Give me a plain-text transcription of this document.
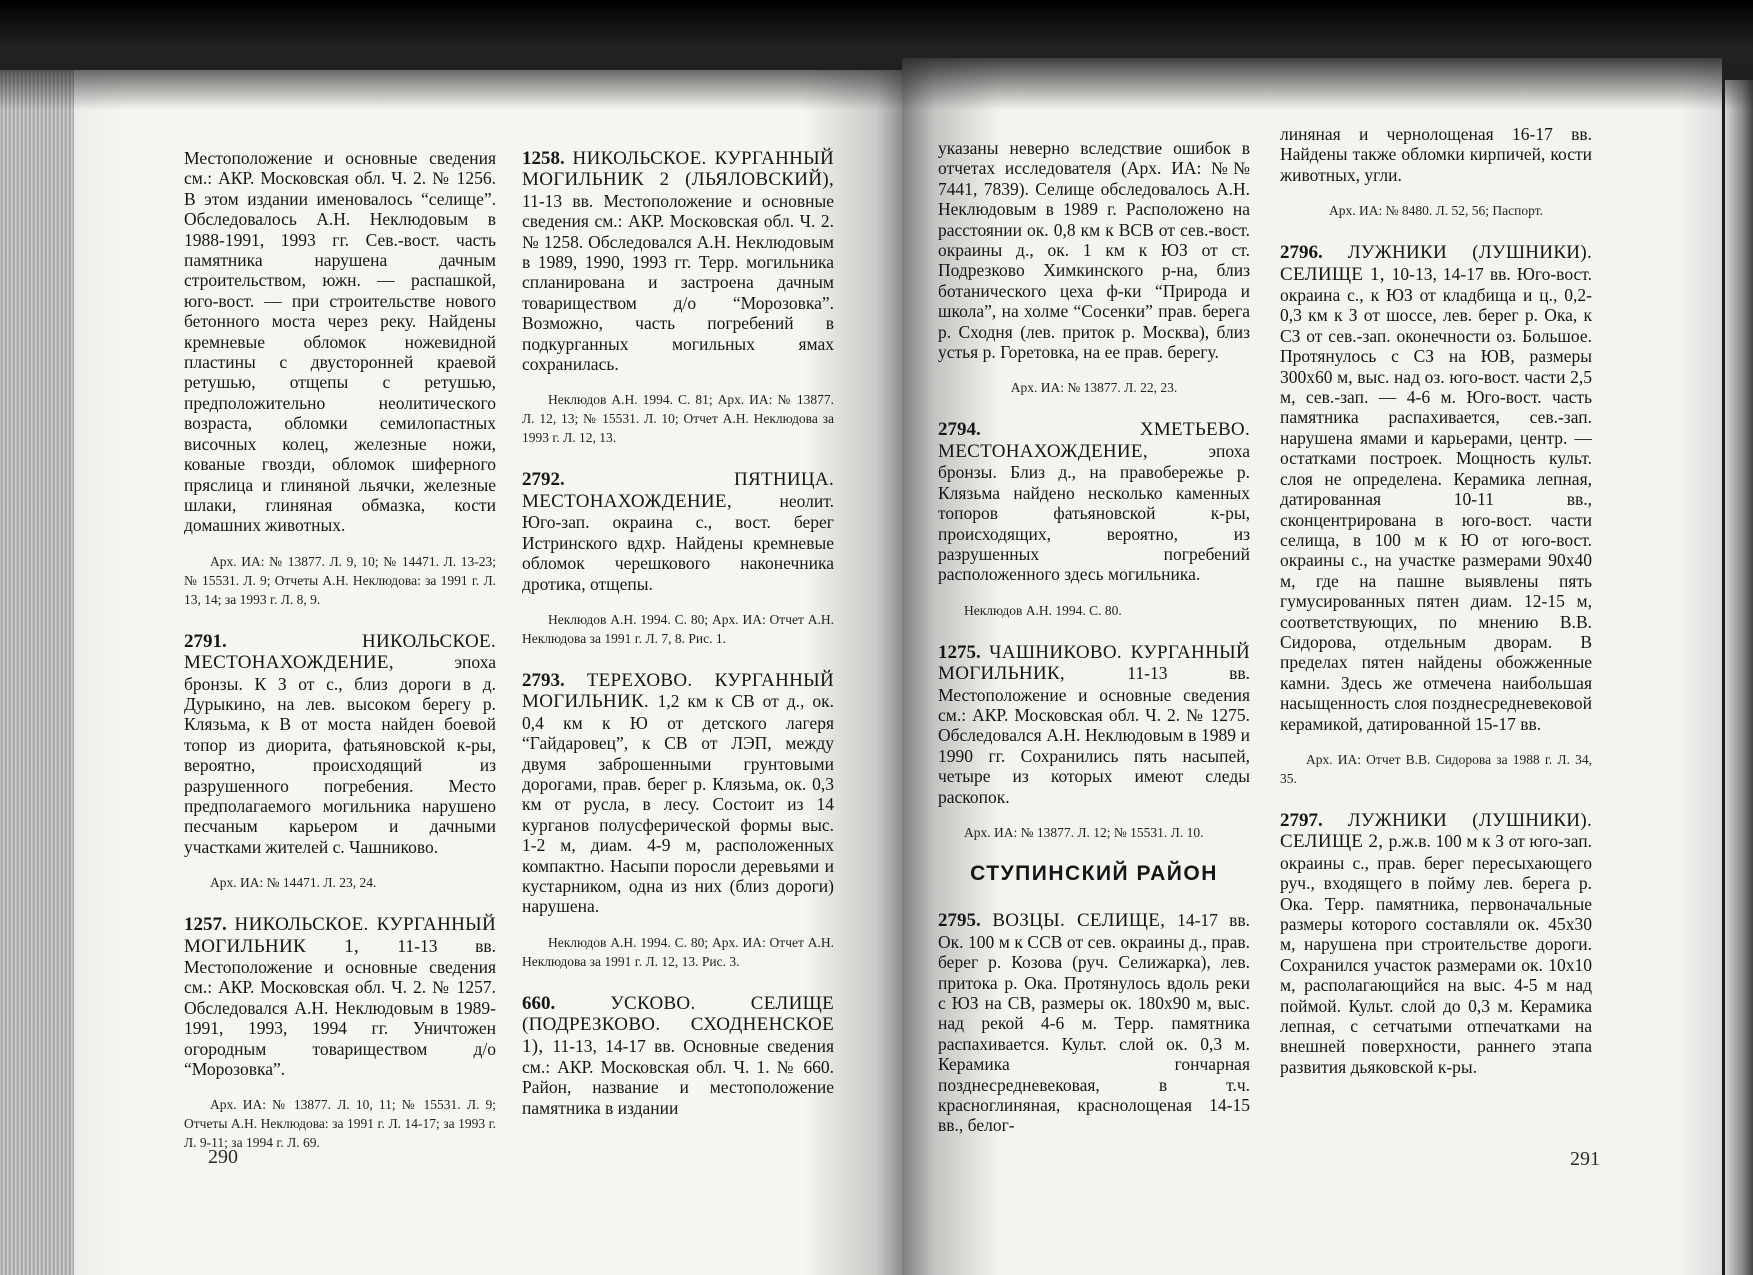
Местоположение и основные сведения см.: АКР. Московская обл. Ч. 2. № 1256. В этом издании именовалось “селище”. Обследовалось А.Н. Неклюдовым в 1988-1991, 1993 гг. Сев.-вост. часть памятника нарушена дачным строительством, южн. — распашкой, юго-вост. — при строительстве нового бетонного моста через реку. Найдены кремневые обломок ножевидной пластины с двусторонней краевой ретушью, отщепы с ретушью, предположительно неолитического возраста, обломки семилопастных височных колец, железные ножи, кованые гвозди, обломок шиферного пряслица и глиняной льячки, железные шлаки, глиняная обмазка, кости домашних животных.

Арх. ИА: № 13877. Л. 9, 10; № 14471. Л. 13-23; № 15531. Л. 9; Отчеты А.Н. Неклюдова: за 1991 г. Л. 13, 14; за 1993 г. Л. 8, 9.

2791. НИКОЛЬСКОЕ. МЕСТОНАХОЖДЕНИЕ, эпоха бронзы. К З от с., близ дороги в д. Дурыкино, на лев. высоком берегу р. Клязьма, к В от моста найден боевой топор из диорита, фатьяновской к-ры, вероятно, происходящий из разрушенного погребения. Место предполагаемого могильника нарушено песчаным карьером и дачными участками жителей с. Чашниково.

Арх. ИА: № 14471. Л. 23, 24.

1257. НИКОЛЬСКОЕ. КУРГАННЫЙ МОГИЛЬНИК 1, 11-13 вв. Местоположение и основные сведения см.: АКР. Московская обл. Ч. 2. № 1257. Обследовался А.Н. Неклюдовым в 1989-1991, 1993, 1994 гг. Уничтожен огородным товариществом д/о “Морозовка”.

Арх. ИА: № 13877. Л. 10, 11; № 15531. Л. 9; Отчеты А.Н. Неклюдова: за 1991 г. Л. 14-17; за 1993 г. Л. 9-11; за 1994 г. Л. 69.

1258. НИКОЛЬСКОЕ. КУРГАННЫЙ МОГИЛЬНИК 2 (ЛЬЯЛОВСКИЙ), 11-13 вв. Местоположение и основные сведения см.: АКР. Московская обл. Ч. 2. № 1258. Обследовался А.Н. Неклюдовым в 1989, 1990, 1993 гг. Терр. могильника спланирована и застроена дачным товариществом д/о “Морозовка”. Возможно, часть погребений в подкурганных могильных ямах сохранилась.

Неклюдов А.Н. 1994. С. 81; Арх. ИА: № 13877. Л. 12, 13; № 15531. Л. 10; Отчет А.Н. Неклюдова за 1993 г. Л. 12, 13.

2792. ПЯТНИЦА. МЕСТОНАХОЖДЕНИЕ, неолит. Юго-зап. окраина с., вост. берег Истринского вдхр. Найдены кремневые обломок черешкового наконечника дротика, отщепы.

Неклюдов А.Н. 1994. С. 80; Арх. ИА: Отчет А.Н. Неклюдова за 1991 г. Л. 7, 8. Рис. 1.

2793. ТЕРЕХОВО. КУРГАННЫЙ МОГИЛЬНИК. 1,2 км к СВ от д., ок. 0,4 км к Ю от детского лагеря “Гайдаровец”, к СВ от ЛЭП, между двумя заброшенными грунтовыми дорогами, прав. берег р. Клязьма, ок. 0,3 км от русла, в лесу. Состоит из 14 курганов полусферической формы выс. 1-2 м, диам. 4-9 м, расположенных компактно. Насыпи поросли деревьями и кустарником, одна из них (близ дороги) нарушена.

Неклюдов А.Н. 1994. С. 80; Арх. ИА: Отчет А.Н. Неклюдова за 1991 г. Л. 12, 13. Рис. 3.

660. УСКОВО. СЕЛИЩЕ (ПОДРЕЗКОВО. СХОДНЕНСКОЕ 1), 11-13, 14-17 вв. Основные сведения см.: АКР. Московская обл. Ч. 1. № 660. Район, название и местоположение памятника в издании
290

указаны неверно вследствие ошибок в отчетах исследователя (Арх. ИА: №№ 7441, 7839). Селище обследовалось А.Н. Неклюдовым в 1989 г. Расположено на расстоянии ок. 0,8 км к ВСВ от сев.-вост. окраины д., ок. 1 км к ЮЗ от ст. Подрезково Химкинского р-на, близ ботанического цеха ф-ки “Природа и школа”, на холме “Сосенки” прав. берега р. Сходня (лев. приток р. Москва), близ устья р. Горетовка, на ее прав. берегу.

Арх. ИА: № 13877. Л. 22, 23.

2794. ХМЕТЬЕВО. МЕСТОНАХОЖДЕНИЕ, эпоха бронзы. Близ д., на правобережье р. Клязьма найдено несколько каменных топоров фатьяновской к-ры, происходящих, вероятно, из разрушенных погребений расположенного здесь могильника.

Неклюдов А.Н. 1994. С. 80.

1275. ЧАШНИКОВО. КУРГАННЫЙ МОГИЛЬНИК, 11-13 вв. Местоположение и основные сведения см.: АКР. Московская обл. Ч. 2. № 1275. Обследовался А.Н. Неклюдовым в 1989 и 1990 гг. Сохранились пять насыпей, четыре из которых имеют следы раскопок.

Арх. ИА: № 13877. Л. 12; № 15531. Л. 10.

СТУПИНСКИЙ РАЙОН
2795. ВОЗЦЫ. СЕЛИЩЕ, 14-17 вв. Ок. 100 м к ССВ от сев. окраины д., прав. берег р. Козова (руч. Селижарка), лев. притока р. Ока. Протянулось вдоль реки с ЮЗ на СВ, размеры ок. 180х90 м, выс. над рекой 4-6 м. Терр. памятника распахивается. Культ. слой ок. 0,3 м. Керамика гончарная позднесредневековая, в т.ч. красноглиняная, краснолощеная 14-15 вв., белог-

линяная и чернолощеная 16-17 вв. Найдены также обломки кирпичей, кости животных, угли.

Арх. ИА: № 8480. Л. 52, 56; Паспорт.

2796. ЛУЖНИКИ (ЛУШНИКИ). СЕЛИЩЕ 1, 10-13, 14-17 вв. Юго-вост. окраина с., к ЮЗ от кладбища и ц., 0,2-0,3 км к З от шоссе, лев. берег р. Ока, к СЗ от сев.-зап. оконечности оз. Большое. Протянулось с СЗ на ЮВ, размеры 300х60 м, выс. над оз. юго-вост. части 2,5 м, сев.-зап. — 4-6 м. Юго-вост. часть памятника распахивается, сев.-зап. нарушена ямами и карьерами, центр. — остатками построек. Мощность культ. слоя не определена. Керамика лепная, датированная 10-11 вв., сконцентрирована в юго-вост. части селища, в 100 м к Ю от юго-вост. окраины с., на участке размерами 90х40 м, где на пашне выявлены пять гумусированных пятен диам. 12-15 м, соответствующих, по мнению В.В. Сидорова, отдельным дворам. В пределах пятен найдены обожженные камни. Здесь же отмечена наибольшая насыщенность слоя позднесредневековой керамикой, датированной 15-17 вв.

Арх. ИА: Отчет В.В. Сидорова за 1988 г. Л. 34, 35.

2797. ЛУЖНИКИ (ЛУШНИКИ). СЕЛИЩЕ 2, р.ж.в. 100 м к З от юго-зап. окраины с., прав. берег пересыхающего руч., входящего в пойму лев. берега р. Ока. Терр. памятника, первоначальные размеры которого составляли ок. 45х30 м, нарушена при строительстве дороги. Сохранился участок размерами ок. 10х10 м, располагающийся на выс. 4-5 м над поймой. Культ. слой до 0,3 м. Керамика лепная, с сетчатыми отпечатками на внешней поверхности, раннего этапа развития дьяковской к-ры.
291
